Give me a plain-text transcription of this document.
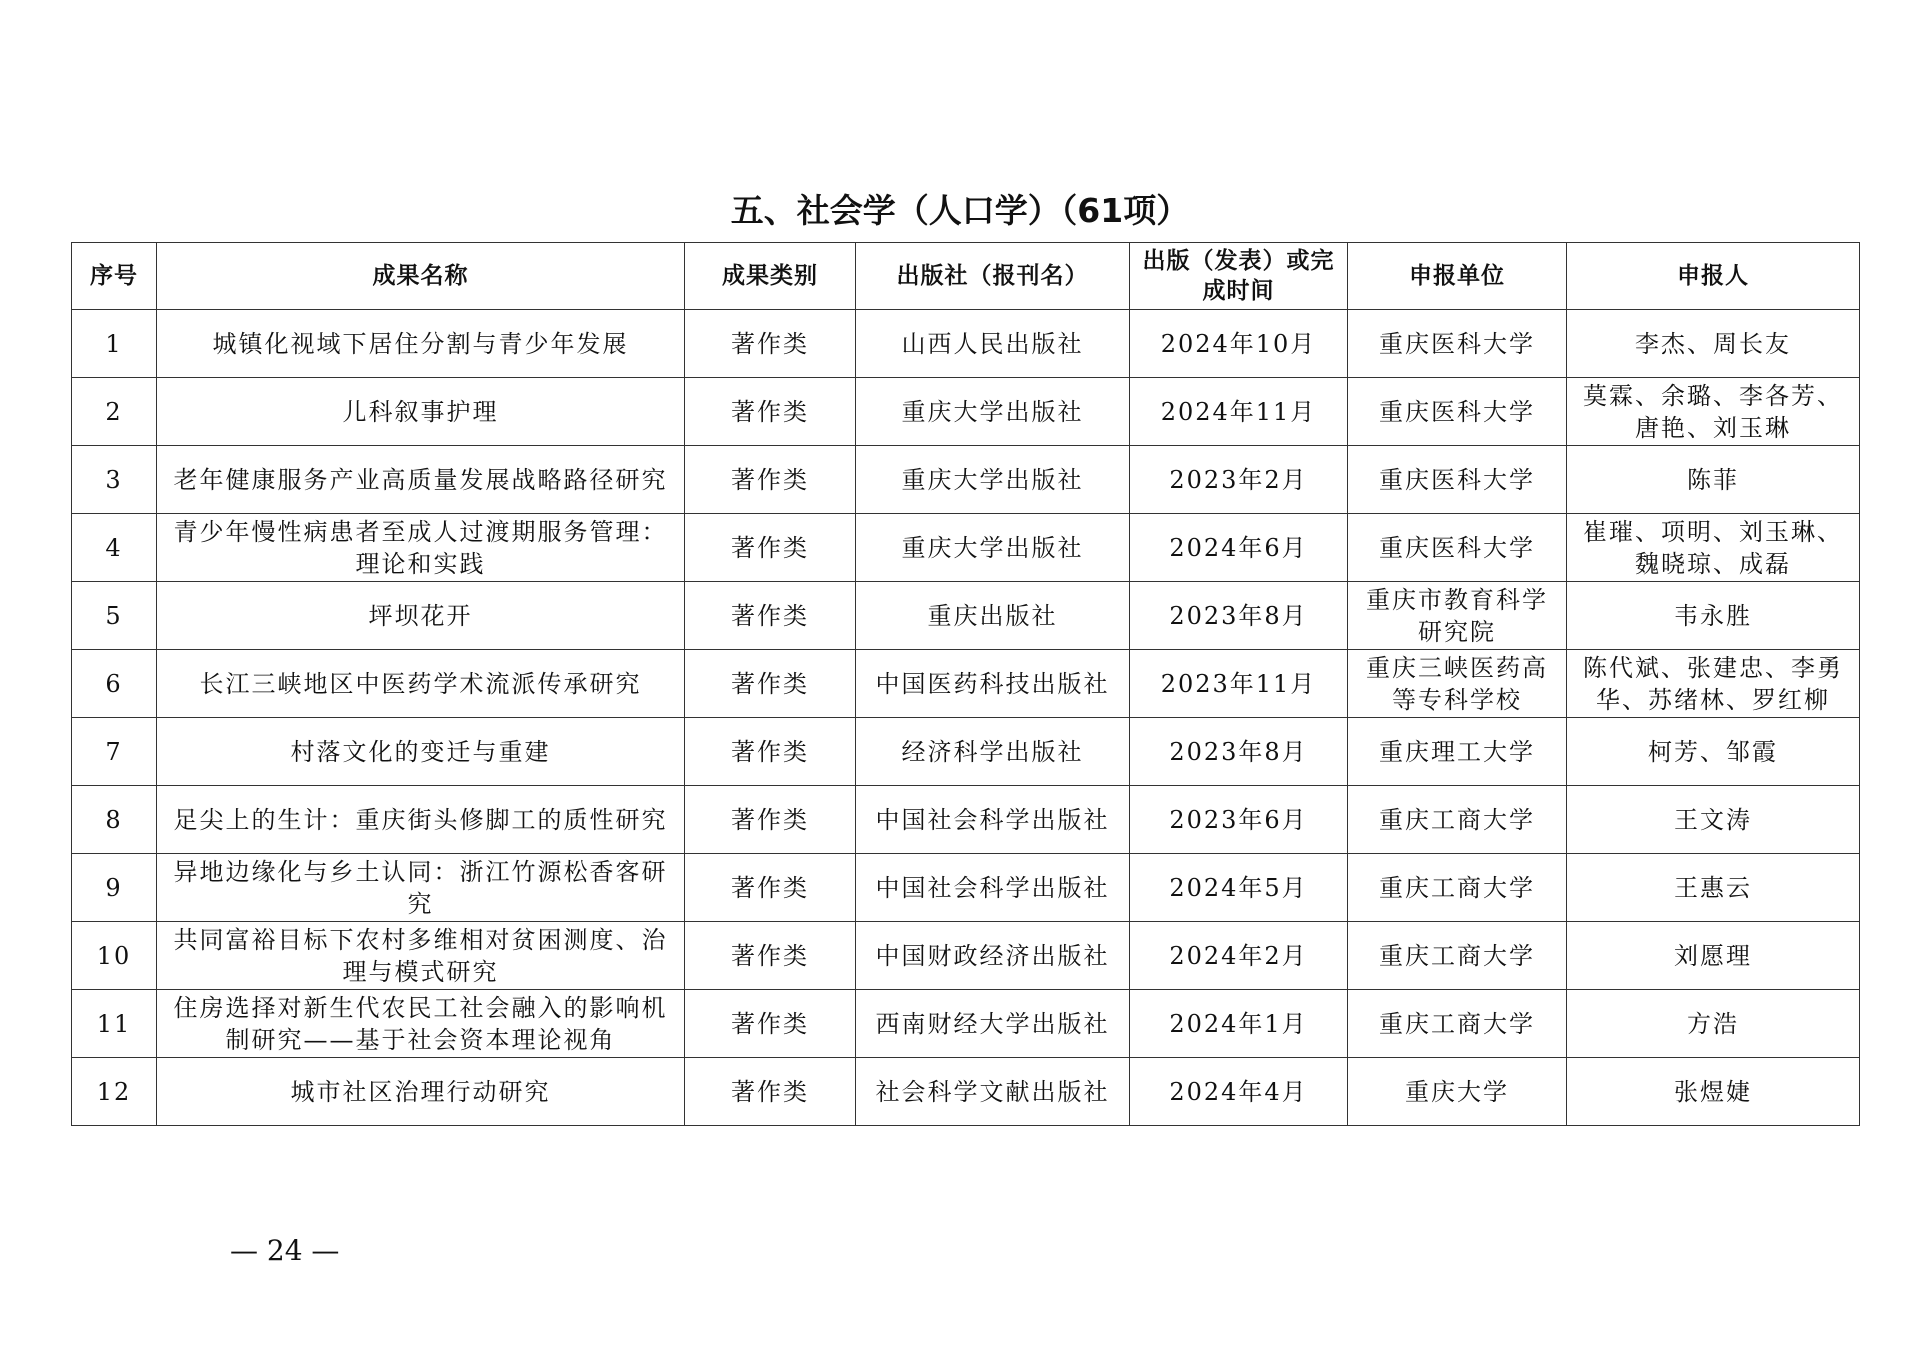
五、社会学（人口学）（61项）
序号	成果名称	成果类别	出版社（报刊名）	出版（发表）或完成时间	申报单位	申报人
1	城镇化视域下居住分割与青少年发展	著作类	山西人民出版社	2024年10月	重庆医科大学	李杰、周长友
2	儿科叙事护理	著作类	重庆大学出版社	2024年11月	重庆医科大学	莫霖、余璐、李各芳、唐艳、刘玉琳
3	老年健康服务产业高质量发展战略路径研究	著作类	重庆大学出版社	2023年2月	重庆医科大学	陈菲
4	青少年慢性病患者至成人过渡期服务管理：理论和实践	著作类	重庆大学出版社	2024年6月	重庆医科大学	崔璀、项明、刘玉琳、魏晓琼、成磊
5	坪坝花开	著作类	重庆出版社	2023年8月	重庆市教育科学研究院	韦永胜
6	长江三峡地区中医药学术流派传承研究	著作类	中国医药科技出版社	2023年11月	重庆三峡医药高等专科学校	陈代斌、张建忠、李勇华、苏绪林、罗红柳
7	村落文化的变迁与重建	著作类	经济科学出版社	2023年8月	重庆理工大学	柯芳、邹霞
8	足尖上的生计：重庆街头修脚工的质性研究	著作类	中国社会科学出版社	2023年6月	重庆工商大学	王文涛
9	异地边缘化与乡土认同：浙江竹源松香客研究	著作类	中国社会科学出版社	2024年5月	重庆工商大学	王惠云
10	共同富裕目标下农村多维相对贫困测度、治理与模式研究	著作类	中国财政经济出版社	2024年2月	重庆工商大学	刘愿理
11	住房选择对新生代农民工社会融入的影响机制研究——基于社会资本理论视角	著作类	西南财经大学出版社	2024年1月	重庆工商大学	方浩
12	城市社区治理行动研究	著作类	社会科学文献出版社	2024年4月	重庆大学	张煜婕
— 24 —
